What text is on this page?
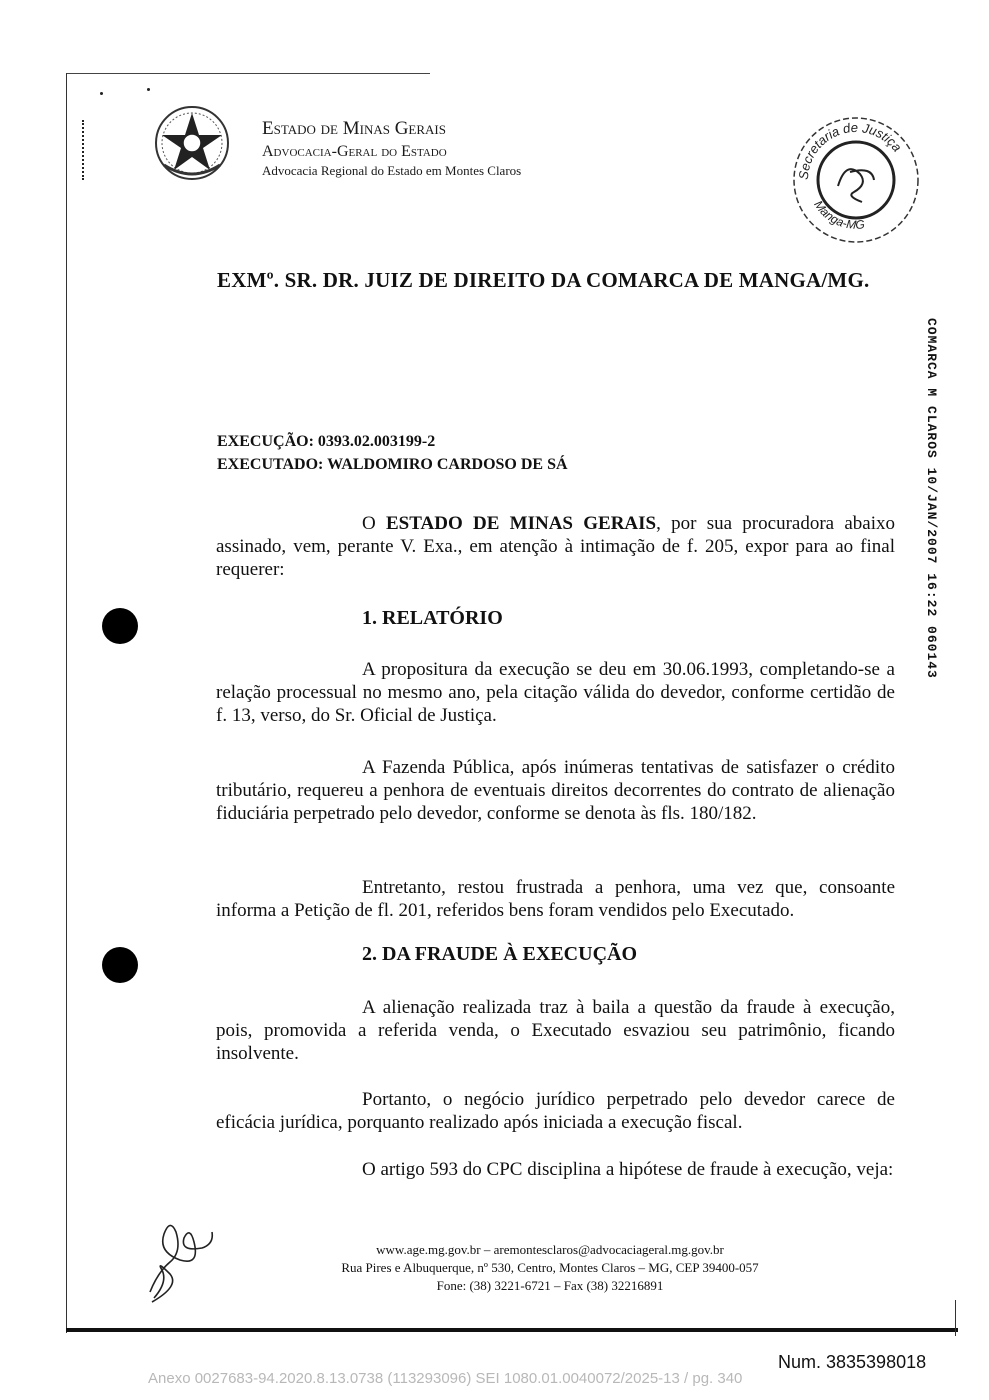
Estado de Minas Gerais
Advocacia-Geral do Estado
Advocacia Regional do Estado em Montes Claros	Secretaria de Justiça
Manga-MG
EXMº. SR. DR. JUIZ DE DIREITO DA COMARCA DE MANGA/MG.
COMARCA M CLAROS 10/JAN/2007 16:22 060143
EXECUÇÃO: 0393.02.003199-2
EXECUTADO: WALDOMIRO CARDOSO DE SÁ
O ESTADO DE MINAS GERAIS, por sua procuradora abaixo assinado, vem, perante V. Exa., em atenção à intimação de f. 205, expor para ao final requerer:
1. RELATÓRIO
A propositura da execução se deu em 30.06.1993, completando-se a relação processual no mesmo ano, pela citação válida do devedor, conforme certidão de f. 13, verso, do Sr. Oficial de Justiça.
A Fazenda Pública, após inúmeras tentativas de satisfazer o crédito tributário, requereu a penhora de eventuais direitos decorrentes do contrato de alienação fiduciária perpetrado pelo devedor, conforme se denota às fls. 180/182.
Entretanto, restou frustrada a penhora, uma vez que, consoante informa a Petição de fl. 201, referidos bens foram vendidos pelo Executado.
2. DA FRAUDE À EXECUÇÃO
A alienação realizada traz à baila a questão da fraude à execução, pois, promovida a referida venda, o Executado esvaziou seu patrimônio, ficando insolvente.
Portanto, o negócio jurídico perpetrado pelo devedor carece de eficácia jurídica, porquanto realizado após iniciada a execução fiscal.
O artigo 593 do CPC disciplina a hipótese de fraude à execução, veja:
www.age.mg.gov.br – aremontesclaros@advocaciageral.mg.gov.br
Rua Pires e Albuquerque, nº 530, Centro, Montes Claros – MG, CEP 39400-057
Fone: (38) 3221-6721 – Fax (38) 32216891
Num. 3835398018
Anexo 0027683-94.2020.8.13.0738 (113293096) SEI 1080.01.0040072/2025-13 / pg. 340
